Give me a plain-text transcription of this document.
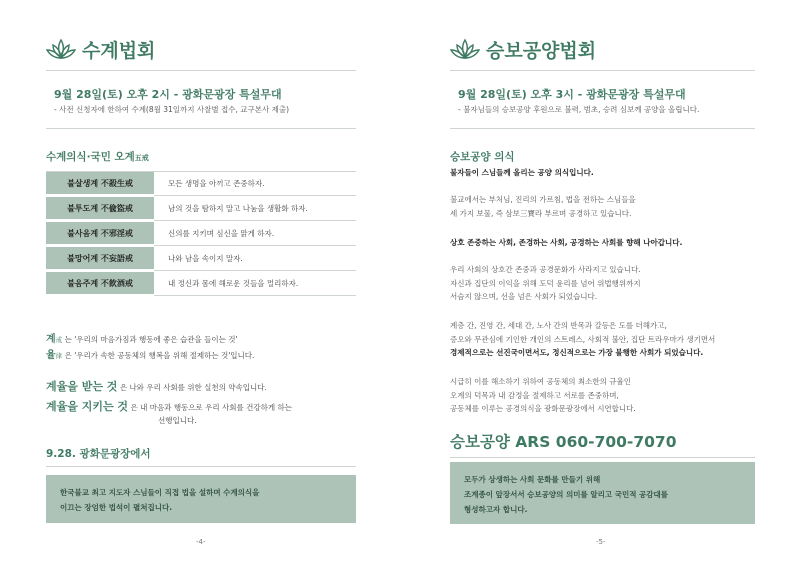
수계법회
9월 28일(토) 오후 2시 - 광화문광장 특설무대
- 사전 신청자에 한하여 수계(8월 31일까지 사찰별 접수, 교구본사 제출)
수계의식·국민 오계五戒
불살생계 不殺生戒	모든 생명을 아끼고 존중하자.
불투도계 不偸盜戒	남의 것을 탐하지 말고 나눔을 생활화 하자.
불사음계 不邪淫戒	신의를 지키며 심신을 맑게 하자.
불망어계 不妄語戒	나와 남을 속이지 말자.
불음주계 不飮酒戒	내 정신과 몸에 해로운 것들을 멀리하자.
계戒 는 '우리의 마음가짐과 행동에 좋은 습관을 들이는 것'
율律 은 '우리가 속한 공동체의 행복을 위해 절제하는 것'입니다.
계율을 받는 것 은 나와 우리 사회를 위한 실천의 약속입니다.
계율을 지키는 것 은 내 마음과 행동으로 우리 사회를 건강하게 하는
선행입니다.
9.28. 광화문광장에서
한국불교 최고 지도자 스님들이 직접 법을 설하며 수계의식을
이끄는 장엄한 법석이 펼쳐집니다.
-4-
승보공양법회
9월 28일(토) 오후 3시 - 광화문광장 특설무대
- 불자님들의 승보공양 후원으로 불력, 범초, 승려 심보께 공양을 올립니다.
승보공양 의식
불자들이 스님들께 올리는 공양 의식입니다.
불교에서는 부처님, 진리의 가르침, 법을 전하는 스님들을
세 가지 보물, 즉 삼보三寶라 부르며 공경하고 있습니다.
상호 존중하는 사회, 존경하는 사회, 공경하는 사회를 향해 나아갑니다.
우리 사회의 상호간 존중과 공경문화가 사라지고 있습니다.
자신과 집단의 이익을 위해 도덕 윤리를 넘어 위법행위까지
서슴지 않으며, 선을 넘은 사회가 되었습니다.
계층 간, 진영 간, 세대 간, 노사 간의 반목과 갈등은 도를 더해가고,
증오와 무관심에 기인한 개인의 스트레스, 사회적 불안, 집단 트라우마가 생기면서
경제적으로는 선진국이면서도, 정신적으로는 가장 불행한 사회가 되었습니다.
시급히 이를 해소하기 위하여 공동체의 최소한의 규율인
오계의 덕목과 내 감정을 절제하고 서로를 존중하며,
공동체를 이루는 공경의식을 광화문광장에서 시연합니다.
승보공양 ARS 060-700-7070
모두가 상생하는 사회 문화를 만들기 위해
조계종이 앞장서서 승보공양의 의미를 알리고 국민적 공감대를
형성하고자 합니다.
-5-
